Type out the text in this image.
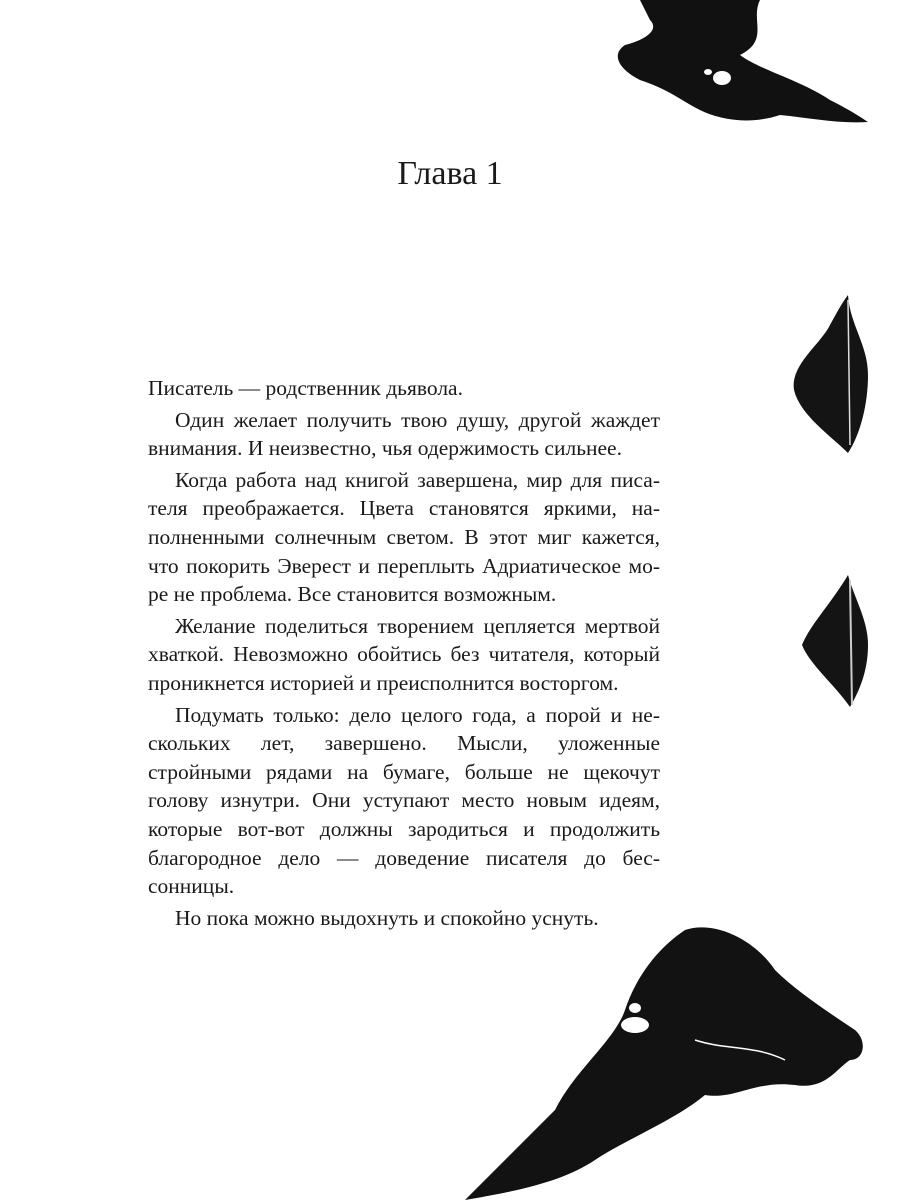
Глава 1
Писатель — родственник дьявола.
Один желает получить твою душу, другой жаждет
внимания. И неизвестно, чья одержимость сильнее.
Когда работа над книгой завершена, мир для писа-
теля преображается. Цвета становятся яркими, на-
полненными солнечным светом. В этот миг кажется,
что покорить Эверест и переплыть Адриатическое мо-
ре не проблема. Все становится возможным.
Желание поделиться творением цепляется мертвой
хваткой. Невозможно обойтись без читателя, который
проникнется историей и преисполнится восторгом.
Подумать только: дело целого года, а порой и не-
скольких лет, завершено. Мысли, уложенные
стройными рядами на бумаге, больше не щекочут
голову изнутри. Они уступают место новым идеям,
которые вот-вот должны зародиться и продолжить
благородное дело — доведение писателя до бес-
сонницы.
Но пока можно выдохнуть и спокойно уснуть.
